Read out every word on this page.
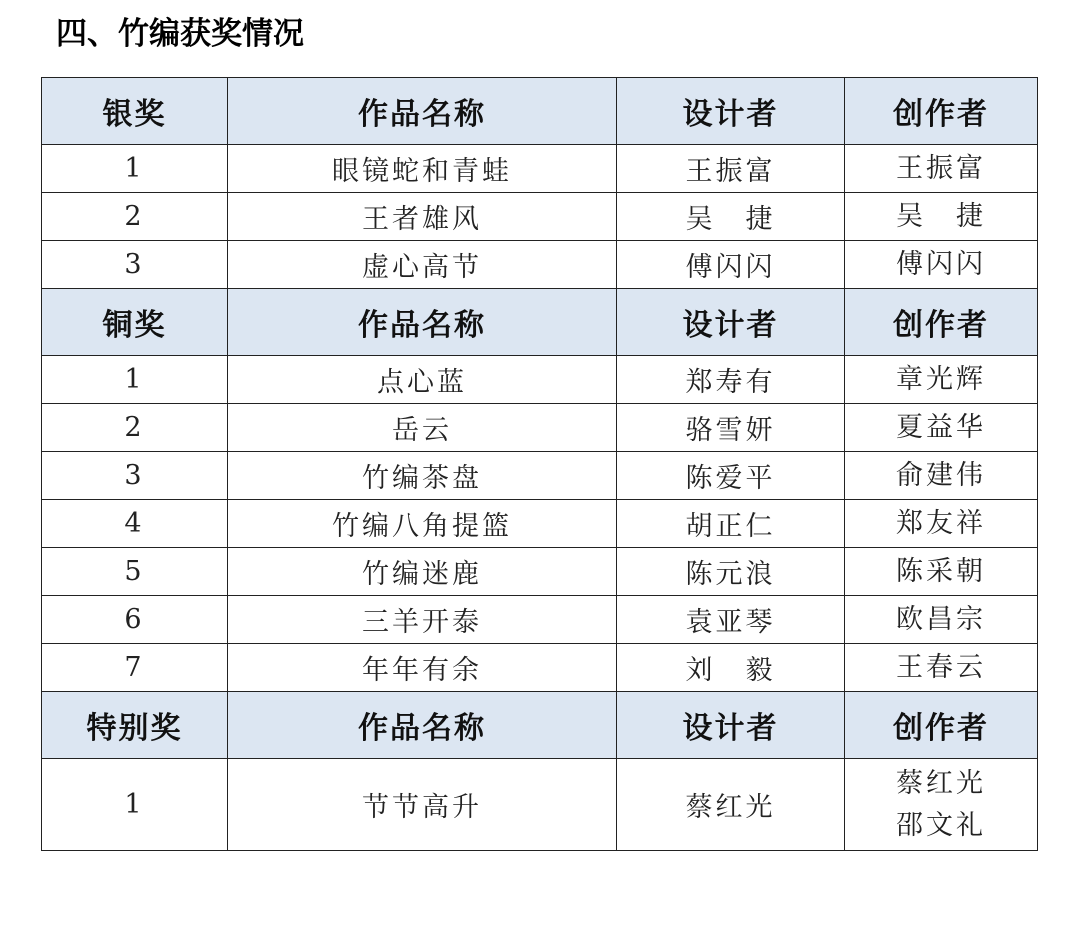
四、竹编获奖情况
银奖	作品名称	设计者	创作者
1	眼镜蛇和青蛙	王振富	王振富

2	王者雄风	吴　捷	吴　捷

3	虚心高节	傅闪闪	傅闪闪

铜奖	作品名称	设计者	创作者
1	点心蓝	郑寿有	章光辉

2	岳云	骆雪妍	夏益华

3	竹编茶盘	陈爱平	俞建伟

4	竹编八角提篮	胡正仁	郑友祥

5	竹编迷鹿	陈元浪	陈采朝

6	三羊开泰	袁亚琴	欧昌宗

7	年年有余	刘　毅	王春云

特别奖	作品名称	设计者	创作者
1	节节高升	蔡红光	蔡红光
邵文礼
